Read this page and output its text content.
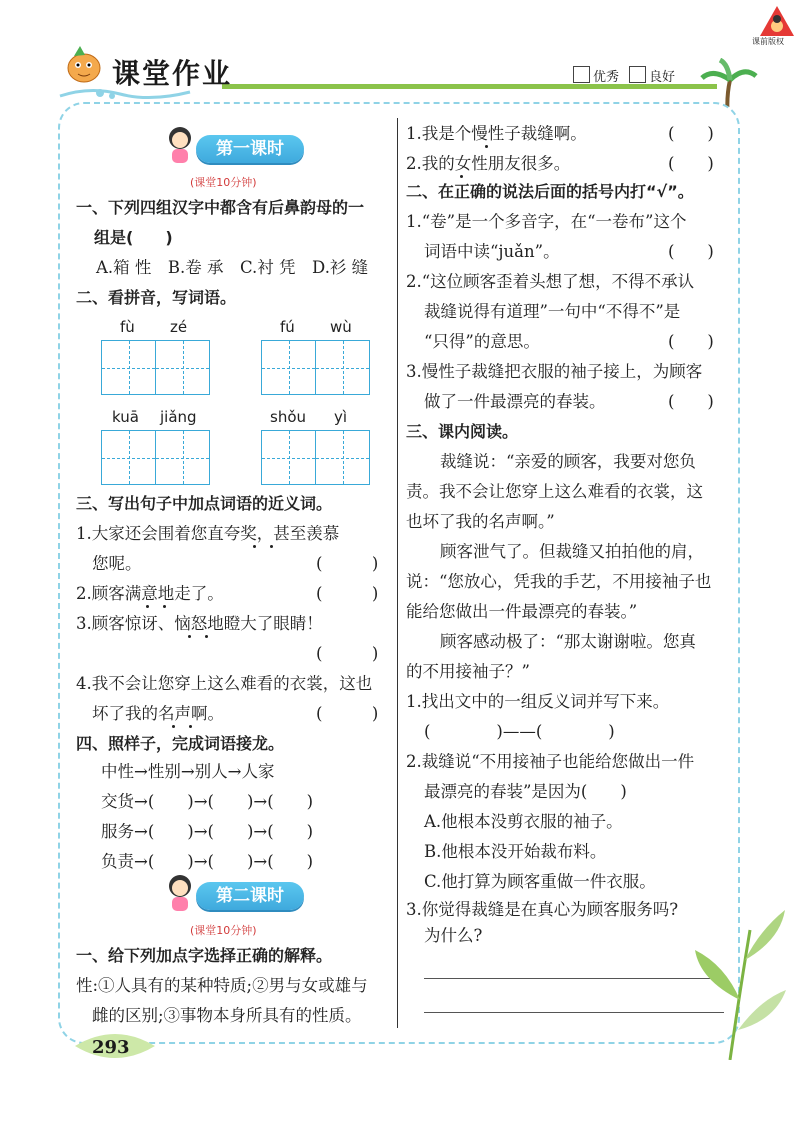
课堂作业
课前版权
优秀 良好
第一课时
(课堂10分钟)
一、下列四组汉字中都含有后鼻韵母的一
组是(　　)
A.箱 性　B.卷 承　C.衬 凭　D.衫 缝
二、看拼音，写词语。
fù zé	fú wù
kuā jiǎng	shǒu yì
三、写出句子中加点词语的近义词。
1.大家还会围着您直夸奖，甚至羡慕
您呢。	(　　　)
2.顾客满意地走了。	(　　　)
3.顾客惊讶、恼怒地瞪大了眼睛！
(　　　)
4.我不会让您穿上这么难看的衣裳，这也
坏了我的名声啊。	(　　　)
四、照样子，完成词语接龙。
中性→性别→别人→人家
交货→(　　)→(　　)→(　　)
服务→(　　)→(　　)→(　　)
负责→(　　)→(　　)→(　　)
第二课时
(课堂10分钟)
一、给下列加点字选择正确的解释。
性:①人具有的某种特质;②男与女或雄与
雌的区别;③事物本身所具有的性质。
1.我是个慢性子裁缝啊。	(　　)
2.我的女性朋友很多。	(　　)
二、在正确的说法后面的括号内打“√”。
1.“卷”是一个多音字，在“一卷布”这个
词语中读“juǎn”。	(　　)
2.“这位顾客歪着头想了想，不得不承认
裁缝说得有道理”一句中“不得不”是
“只得”的意思。	(　　)
3.慢性子裁缝把衣服的袖子接上，为顾客
做了一件最漂亮的春装。	(　　)
三、课内阅读。
裁缝说：“亲爱的顾客，我要对您负
责。我不会让您穿上这么难看的衣裳，这
也坏了我的名声啊。”
顾客泄气了。但裁缝又拍拍他的肩，
说：“您放心，凭我的手艺，不用接袖子也
能给您做出一件最漂亮的春装。”
顾客感动极了：“那太谢谢啦。您真
的不用接袖子？”
1.找出文中的一组反义词并写下来。
(　　　　)——(　　　　)
2.裁缝说“不用接袖子也能给您做出一件
最漂亮的春装”是因为(　　)
A.他根本没剪衣服的袖子。
B.他根本没开始裁布料。
C.他打算为顾客重做一件衣服。
3.你觉得裁缝是在真心为顾客服务吗?
为什么?
293
